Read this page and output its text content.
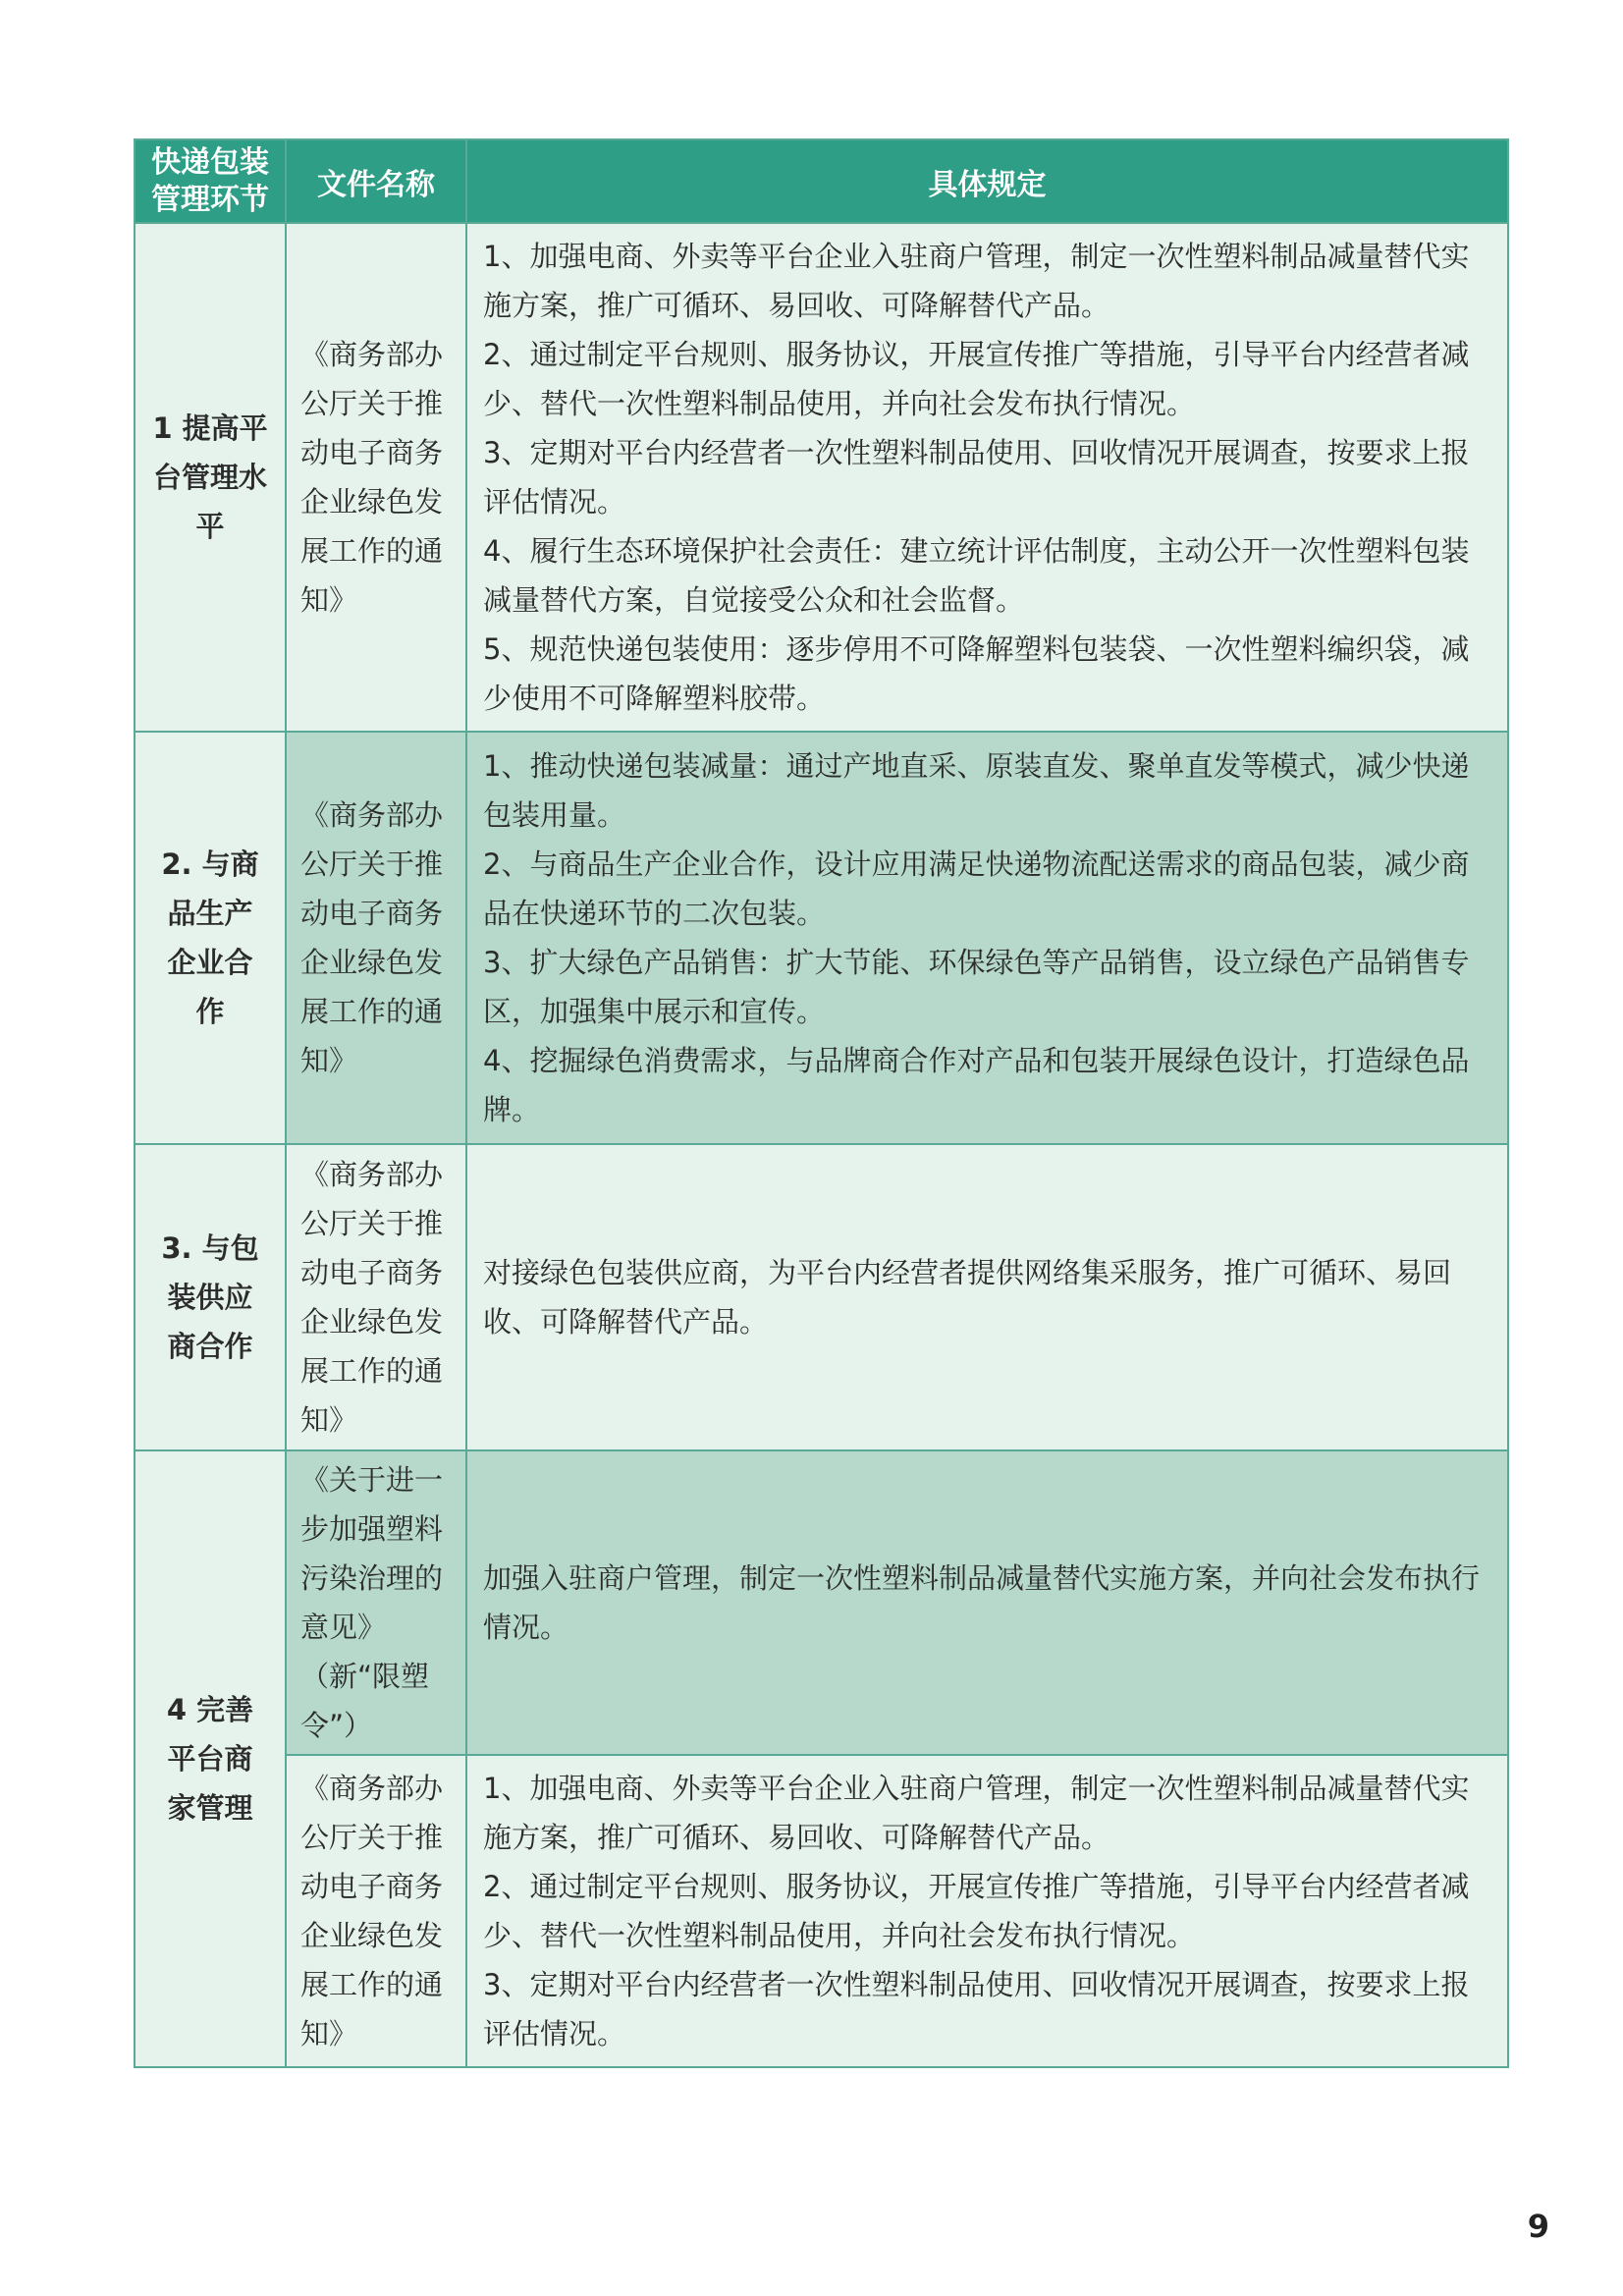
快递包装
管理环节	文件名称	具体规定
1 提高平台管理水平	《商务部办公厅关于推动电子商务企业绿色发展工作的通知》	1、加强电商、外卖等平台企业入驻商户管理，制定一次性塑料制品减量替代实施方案，推广可循环、易回收、可降解替代产品。
2、通过制定平台规则、服务协议，开展宣传推广等措施，引导平台内经营者减少、替代一次性塑料制品使用，并向社会发布执行情况。
3、定期对平台内经营者一次性塑料制品使用、回收情况开展调查，按要求上报评估情况。
4、履行生态环境保护社会责任：建立统计评估制度，主动公开一次性塑料包装减量替代方案，自觉接受公众和社会监督。
5、规范快递包装使用：逐步停用不可降解塑料包装袋、一次性塑料编织袋，减少使用不可降解塑料胶带。

2. 与商品生产企业合作	《商务部办公厅关于推动电子商务企业绿色发展工作的通知》	1、推动快递包装减量：通过产地直采、原装直发、聚单直发等模式，减少快递包装用量。
2、与商品生产企业合作，设计应用满足快递物流配送需求的商品包装，减少商品在快递环节的二次包装。
3、扩大绿色产品销售：扩大节能、环保绿色等产品销售，设立绿色产品销售专区，加强集中展示和宣传。
4、挖掘绿色消费需求，与品牌商合作对产品和包装开展绿色设计，打造绿色品牌。

3. 与包装供应商合作	《商务部办公厅关于推动电子商务企业绿色发展工作的通知》	对接绿色包装供应商，为平台内经营者提供网络集采服务，推广可循环、易回收、可降解替代产品。

4 完善平台商家管理	《关于进一步加强塑料污染治理的意见》（新“限塑令”）	加强入驻商户管理，制定一次性塑料制品减量替代实施方案，并向社会发布执行情况。

	《商务部办公厅关于推动电子商务企业绿色发展工作的通知》	1、加强电商、外卖等平台企业入驻商户管理，制定一次性塑料制品减量替代实施方案，推广可循环、易回收、可降解替代产品。
2、通过制定平台规则、服务协议，开展宣传推广等措施，引导平台内经营者减少、替代一次性塑料制品使用，并向社会发布执行情况。
3、定期对平台内经营者一次性塑料制品使用、回收情况开展调查，按要求上报评估情况。
9
